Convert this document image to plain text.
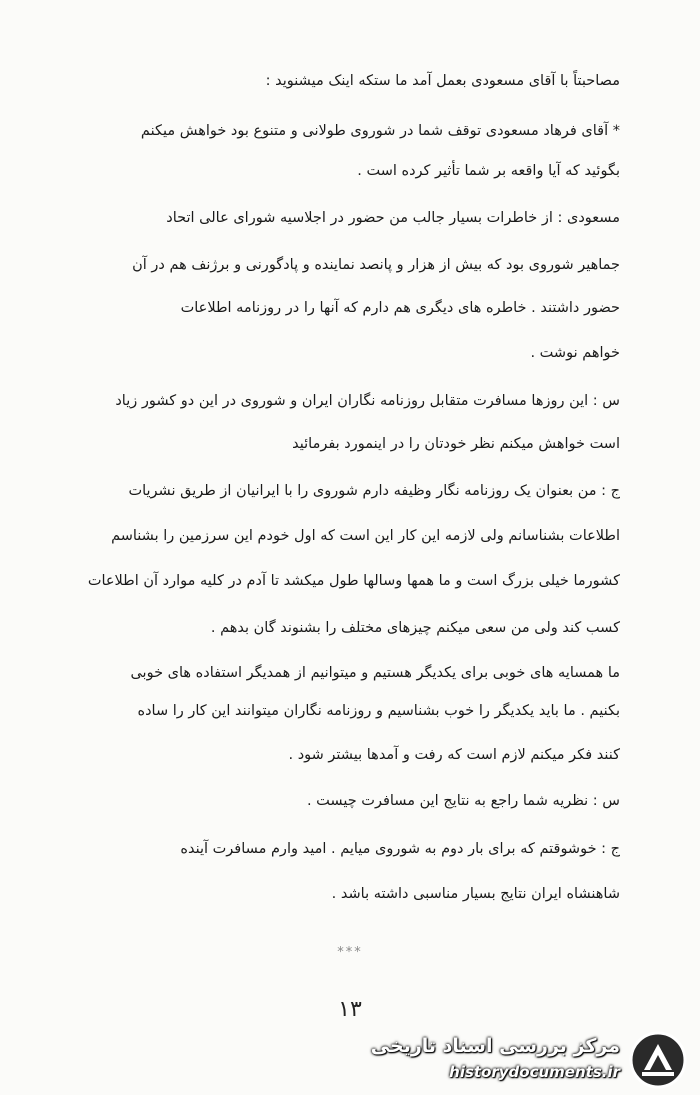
مصاحبتاً با آقای مسعودی بعمل آمد ما ستکه اینک میشنوید :
* آقای فرهاد مسعودی توقف شما در شوروی طولانی و متنوع بود خواهش میکنم
بگوئید که آیا واقعه بر شما تأثیر کرده است .
مسعودی : از خاطرات بسیار جالب من حضور در اجلاسیه شورای عالی اتحاد
جماهیر شوروی بود که بیش از هزار و پانصد نماینده و پادگورنی و برژنف هم در آن
حضور داشتند . خاطره های دیگری هم دارم که آنها را در روزنامه اطلاعات
خواهم نوشت .
س : این روزها مسافرت متقابل روزنامه نگاران ایران و شوروی در این دو کشور زیاد
است خواهش میکنم نظر خودتان را در اینمورد بفرمائید
ج : من بعنوان یک روزنامه نگار وظیفه دارم شوروی را با ایرانیان از طریق نشریات
اطلاعات بشناسانم ولی لازمه این کار این است که اول خودم این سرزمین را بشناسم
کشورما خیلی بزرگ است و ما همها وسالها طول میکشد تا آدم در کلیه موارد آن اطلاعات
کسب کند ولی من سعی میکنم چیزهای مختلف را بشنوند گان بدهم .
ما همسایه های خوبی برای یکدیگر هستیم و میتوانیم از همدیگر استفاده های خوبی
بکنیم . ما باید یکدیگر را خوب بشناسیم و روزنامه نگاران میتوانند این کار را ساده
کنند فکر میکنم لازم است که رفت و آمدها بیشتر شود .
س : نظریه شما راجع به نتایج این مسافرت چیست .
ج : خوشوقتم که برای بار دوم به شوروی میایم . امید وارم مسافرت آینده
شاهنشاه ایران نتایج بسیار مناسبی داشته باشد .
***
۱۳
مرکز بررسی اسناد تاریخی
historydocuments.ir
